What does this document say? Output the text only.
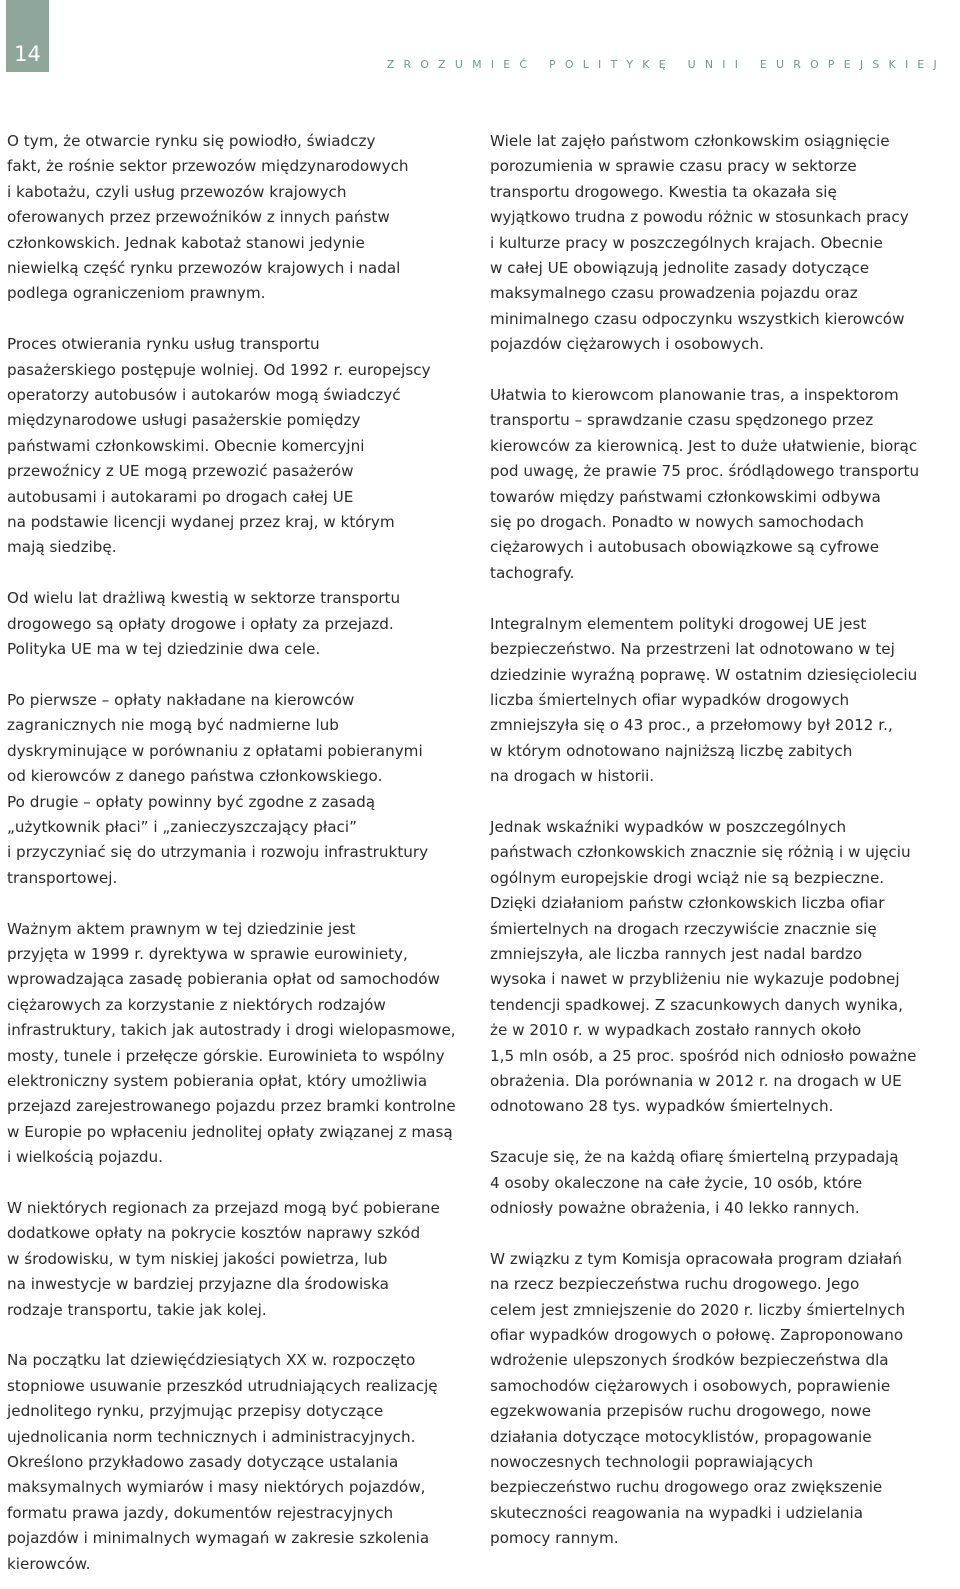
14	ZROZUMIEĆ POLITYKĘ UNII EUROPEJSKIEJ

O tym, że otwarcie rynku się powiodło, świadczy
fakt, że rośnie sektor przewozów międzynarodowych
i kabotażu, czyli usług przewozów krajowych
oferowanych przez przewoźników z innych państw
członkowskich. Jednak kabotaż stanowi jedynie
niewielką część rynku przewozów krajowych i nadal
podlega ograniczeniom prawnym.

Proces otwierania rynku usług transportu
pasażerskiego postępuje wolniej. Od 1992 r. europejscy
operatorzy autobusów i autokarów mogą świadczyć
międzynarodowe usługi pasażerskie pomiędzy
państwami członkowskimi. Obecnie komercyjni
przewoźnicy z UE mogą przewozić pasażerów
autobusami i autokarami po drogach całej UE
na podstawie licencji wydanej przez kraj, w którym
mają siedzibę.

Od wielu lat drażliwą kwestią w sektorze transportu
drogowego są opłaty drogowe i opłaty za przejazd.
Polityka UE ma w tej dziedzinie dwa cele.

Po pierwsze – opłaty nakładane na kierowców
zagranicznych nie mogą być nadmierne lub
dyskryminujące w porównaniu z opłatami pobieranymi
od kierowców z danego państwa członkowskiego.
Po drugie – opłaty powinny być zgodne z zasadą
„użytkownik płaci” i „zanieczyszczający płaci”
i przyczyniać się do utrzymania i rozwoju infrastruktury
transportowej.

Ważnym aktem prawnym w tej dziedzinie jest
przyjęta w 1999 r. dyrektywa w sprawie eurowiniety,
wprowadzająca zasadę pobierania opłat od samochodów
ciężarowych za korzystanie z niektórych rodzajów
infrastruktury, takich jak autostrady i drogi wielopasmowe,
mosty, tunele i przełęcze górskie. Eurowinieta to wspólny
elektroniczny system pobierania opłat, który umożliwia
przejazd zarejestrowanego pojazdu przez bramki kontrolne
w Europie po wpłaceniu jednolitej opłaty związanej z masą
i wielkością pojazdu.

W niektórych regionach za przejazd mogą być pobierane
dodatkowe opłaty na pokrycie kosztów naprawy szkód
w środowisku, w tym niskiej jakości powietrza, lub
na inwestycje w bardziej przyjazne dla środowiska
rodzaje transportu, takie jak kolej.

Na początku lat dziewięćdziesiątych XX w. rozpoczęto
stopniowe usuwanie przeszkód utrudniających realizację
jednolitego rynku, przyjmując przepisy dotyczące
ujednolicania norm technicznych i administracyjnych.
Określono przykładowo zasady dotyczące ustalania
maksymalnych wymiarów i masy niektórych pojazdów,
formatu prawa jazdy, dokumentów rejestracyjnych
pojazdów i minimalnych wymagań w zakresie szkolenia
kierowców.

Wiele lat zajęło państwom członkowskim osiągnięcie
porozumienia w sprawie czasu pracy w sektorze
transportu drogowego. Kwestia ta okazała się
wyjątkowo trudna z powodu różnic w stosunkach pracy
i kulturze pracy w poszczególnych krajach. Obecnie
w całej UE obowiązują jednolite zasady dotyczące
maksymalnego czasu prowadzenia pojazdu oraz
minimalnego czasu odpoczynku wszystkich kierowców
pojazdów ciężarowych i osobowych.

Ułatwia to kierowcom planowanie tras, a inspektorom
transportu – sprawdzanie czasu spędzonego przez
kierowców za kierownicą. Jest to duże ułatwienie, biorąc
pod uwagę, że prawie 75 proc. śródlądowego transportu
towarów między państwami członkowskimi odbywa
się po drogach. Ponadto w nowych samochodach
ciężarowych i autobusach obowiązkowe są cyfrowe
tachografy.

Integralnym elementem polityki drogowej UE jest
bezpieczeństwo. Na przestrzeni lat odnotowano w tej
dziedzinie wyraźną poprawę. W ostatnim dziesięcioleciu
liczba śmiertelnych ofiar wypadków drogowych
zmniejszyła się o 43 proc., a przełomowy był 2012 r.,
w którym odnotowano najniższą liczbę zabitych
na drogach w historii.

Jednak wskaźniki wypadków w poszczególnych
państwach członkowskich znacznie się różnią i w ujęciu
ogólnym europejskie drogi wciąż nie są bezpieczne.
Dzięki działaniom państw członkowskich liczba ofiar
śmiertelnych na drogach rzeczywiście znacznie się
zmniejszyła, ale liczba rannych jest nadal bardzo
wysoka i nawet w przybliżeniu nie wykazuje podobnej
tendencji spadkowej. Z szacunkowych danych wynika,
że w 2010 r. w wypadkach zostało rannych około
1,5 mln osób, a 25 proc. spośród nich odniosło poważne
obrażenia. Dla porównania w 2012 r. na drogach w UE
odnotowano 28 tys. wypadków śmiertelnych.

Szacuje się, że na każdą ofiarę śmiertelną przypadają
4 osoby okaleczone na całe życie, 10 osób, które
odniosły poważne obrażenia, i 40 lekko rannych.

W związku z tym Komisja opracowała program działań
na rzecz bezpieczeństwa ruchu drogowego. Jego
celem jest zmniejszenie do 2020 r. liczby śmiertelnych
ofiar wypadków drogowych o połowę. Zaproponowano
wdrożenie ulepszonych środków bezpieczeństwa dla
samochodów ciężarowych i osobowych, poprawienie
egzekwowania przepisów ruchu drogowego, nowe
działania dotyczące motocyklistów, propagowanie
nowoczesnych technologii poprawiających
bezpieczeństwo ruchu drogowego oraz zwiększenie
skuteczności reagowania na wypadki i udzielania
pomocy rannym.
